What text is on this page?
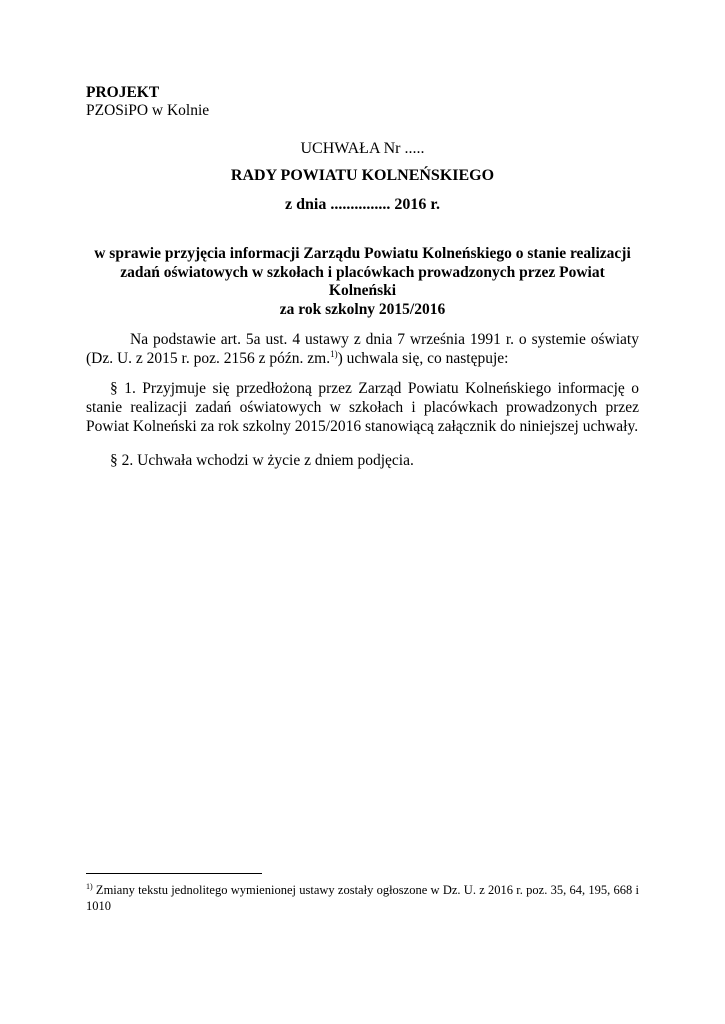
PROJEKT
PZOSiPO w Kolnie
UCHWAŁA Nr .....
RADY POWIATU KOLNEŃSKIEGO
z dnia ............... 2016 r.
w sprawie przyjęcia informacji Zarządu Powiatu Kolneńskiego o stanie realizacji
zadań oświatowych w szkołach i placówkach prowadzonych przez Powiat Kolneński
za rok szkolny 2015/2016
Na podstawie art. 5a ust. 4 ustawy z dnia 7 września 1991 r. o systemie oświaty (Dz. U. z 2015 r. poz. 2156 z późn. zm.$^{1)}$) uchwala się, co następuje:
§ 1. Przyjmuje się przedłożoną przez Zarząd Powiatu Kolneńskiego informację o stanie realizacji zadań oświatowych w szkołach i placówkach prowadzonych przez Powiat Kolneński za rok szkolny 2015/2016 stanowiącą załącznik do niniejszej uchwały.
§ 2. Uchwała wchodzi w życie z dniem podjęcia.
$^{1)}$ Zmiany tekstu jednolitego wymienionej ustawy zostały ogłoszone w Dz. U. z 2016 r. poz. 35, 64, 195, 668 i 1010
